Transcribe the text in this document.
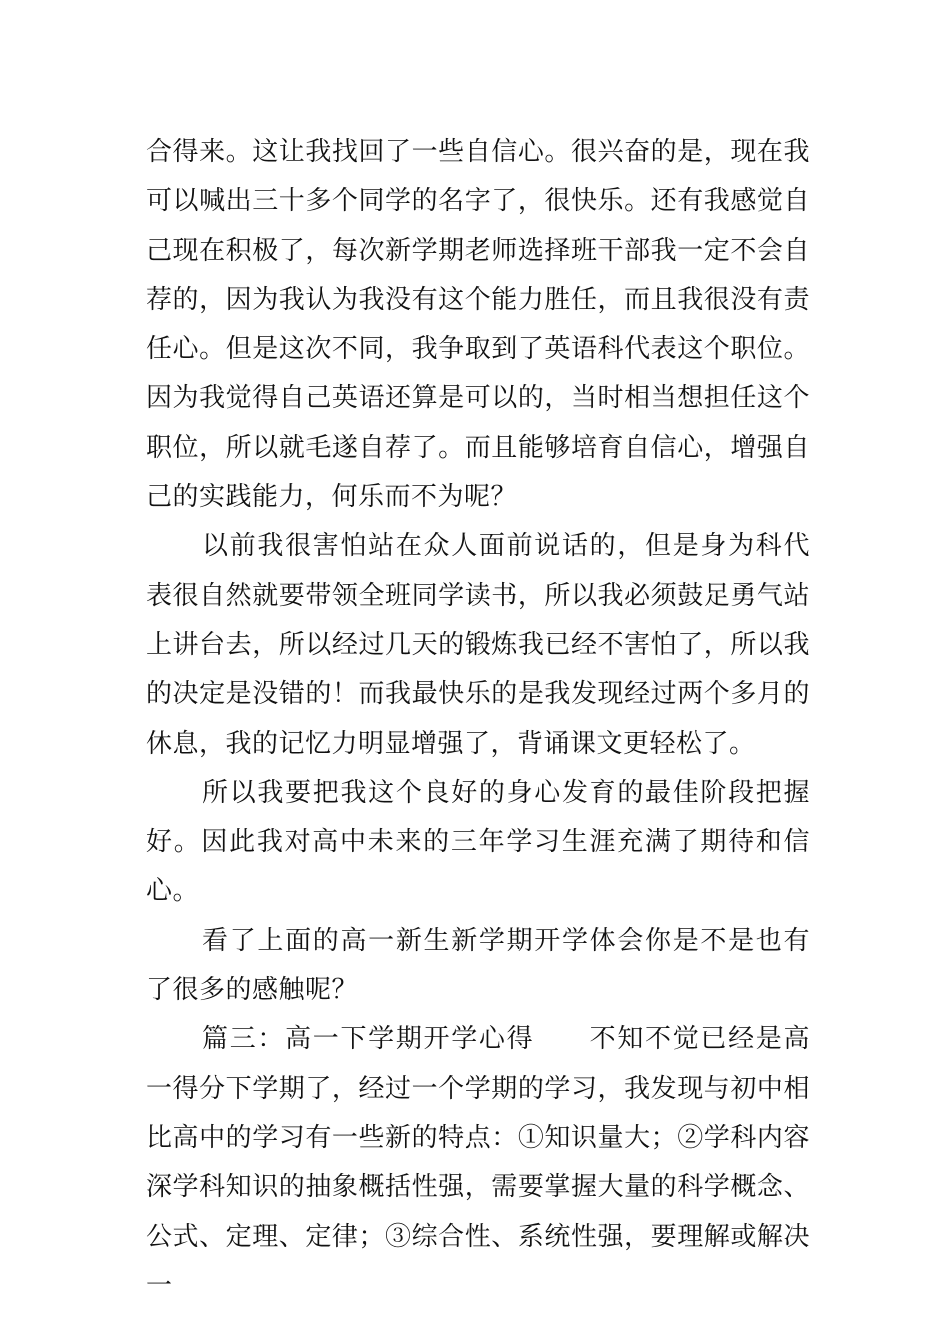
合得来。这让我找回了一些自信心。很兴奋的是，现在我可以喊出三十多个同学的名字了，很快乐。还有我感觉自己现在积极了，每次新学期老师选择班干部我一定不会自荐的，因为我认为我没有这个能力胜任，而且我很没有责任心。但是这次不同，我争取到了英语科代表这个职位。因为我觉得自己英语还算是可以的，当时相当想担任这个职位，所以就毛遂自荐了。而且能够培育自信心，增强自己的实践能力，何乐而不为呢？

以前我很害怕站在众人面前说话的，但是身为科代表很自然就要带领全班同学读书，所以我必须鼓足勇气站上讲台去，所以经过几天的锻炼我已经不害怕了，所以我的决定是没错的！而我最快乐的是我发现经过两个多月的休息，我的记忆力明显增强了，背诵课文更轻松了。

所以我要把我这个良好的身心发育的最佳阶段把握好。因此我对高中未来的三年学习生涯充满了期待和信心。

看了上面的高一新生新学期开学体会你是不是也有了很多的感触呢？

篇三：高一下学期开学心得　　不知不觉已经是高一得分下学期了，经过一个学期的学习，我发现与初中相比高中的学习有一些新的特点：①知识量大；②学科内容深学科知识的抽象概括性强，需要掌握大量的科学概念、公式、定理、定律；③综合性、系统性强，要理解或解决一
